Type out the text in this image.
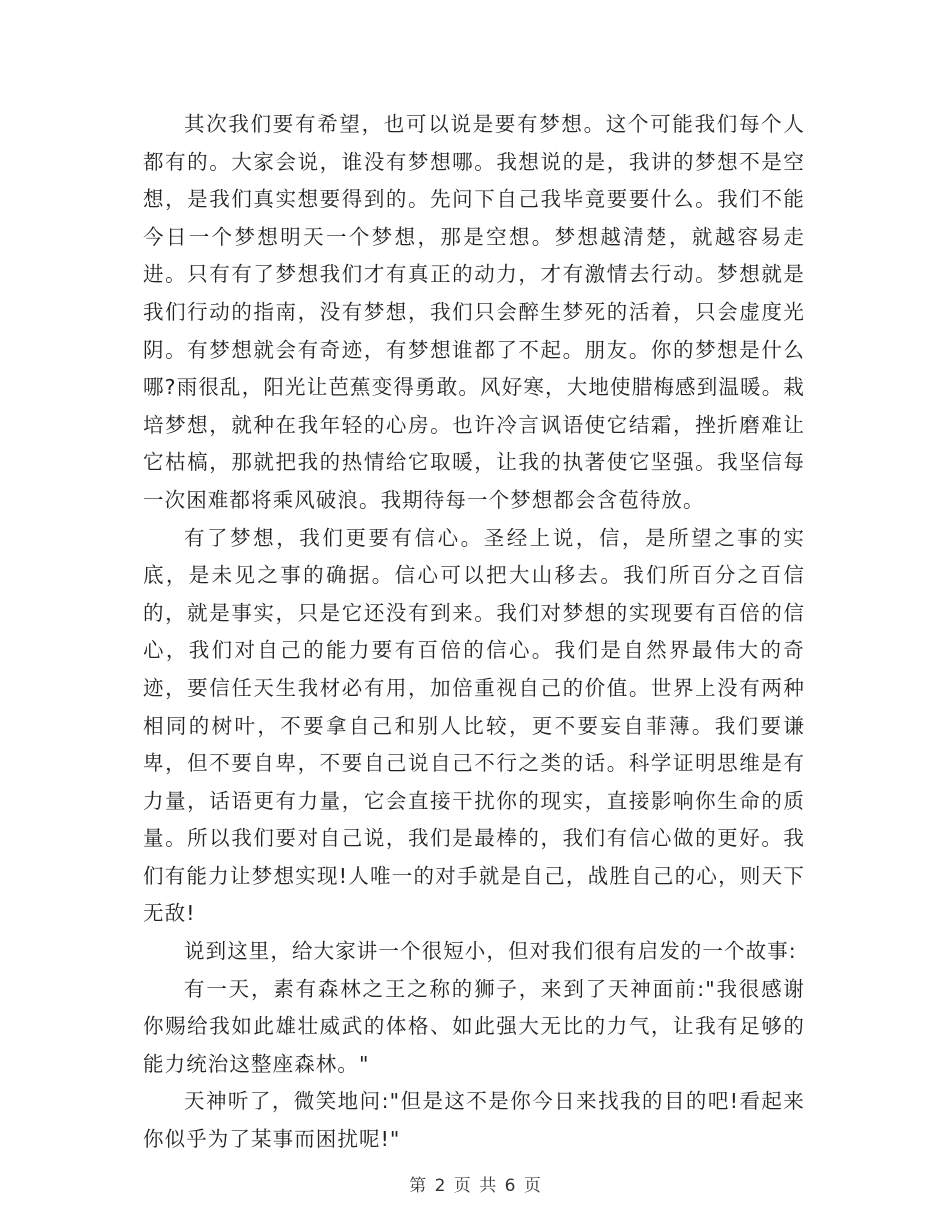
其次我们要有希望，也可以说是要有梦想。这个可能我们每个人都有的。大家会说，谁没有梦想哪。我想说的是，我讲的梦想不是空想，是我们真实想要得到的。先问下自己我毕竟要要什么。我们不能今日一个梦想明天一个梦想，那是空想。梦想越清楚，就越容易走进。只有有了梦想我们才有真正的动力，才有激情去行动。梦想就是我们行动的指南，没有梦想，我们只会醉生梦死的活着，只会虚度光阴。有梦想就会有奇迹，有梦想谁都了不起。朋友。你的梦想是什么哪?雨很乱，阳光让芭蕉变得勇敢。风好寒，大地使腊梅感到温暖。栽培梦想，就种在我年轻的心房。也许冷言讽语使它结霜，挫折磨难让它枯槁，那就把我的热情给它取暖，让我的执著使它坚强。我坚信每一次困难都将乘风破浪。我期待每一个梦想都会含苞待放。

有了梦想，我们更要有信心。圣经上说，信，是所望之事的实底，是未见之事的确据。信心可以把大山移去。我们所百分之百信的，就是事实，只是它还没有到来。我们对梦想的实现要有百倍的信心，我们对自己的能力要有百倍的信心。我们是自然界最伟大的奇迹，要信任天生我材必有用，加倍重视自己的价值。世界上没有两种相同的树叶，不要拿自己和别人比较，更不要妄自菲薄。我们要谦卑，但不要自卑，不要自己说自己不行之类的话。科学证明思维是有力量，话语更有力量，它会直接干扰你的现实，直接影响你生命的质量。所以我们要对自己说，我们是最棒的，我们有信心做的更好。我们有能力让梦想实现!人唯一的对手就是自己，战胜自己的心，则天下无敌!

说到这里，给大家讲一个很短小，但对我们很有启发的一个故事:

有一天，素有森林之王之称的狮子，来到了天神面前:"我很感谢你赐给我如此雄壮威武的体格、如此强大无比的力气，让我有足够的能力统治这整座森林。"

天神听了，微笑地问:"但是这不是你今日来找我的目的吧!看起来你似乎为了某事而困扰呢!"

第 2 页 共 6 页
